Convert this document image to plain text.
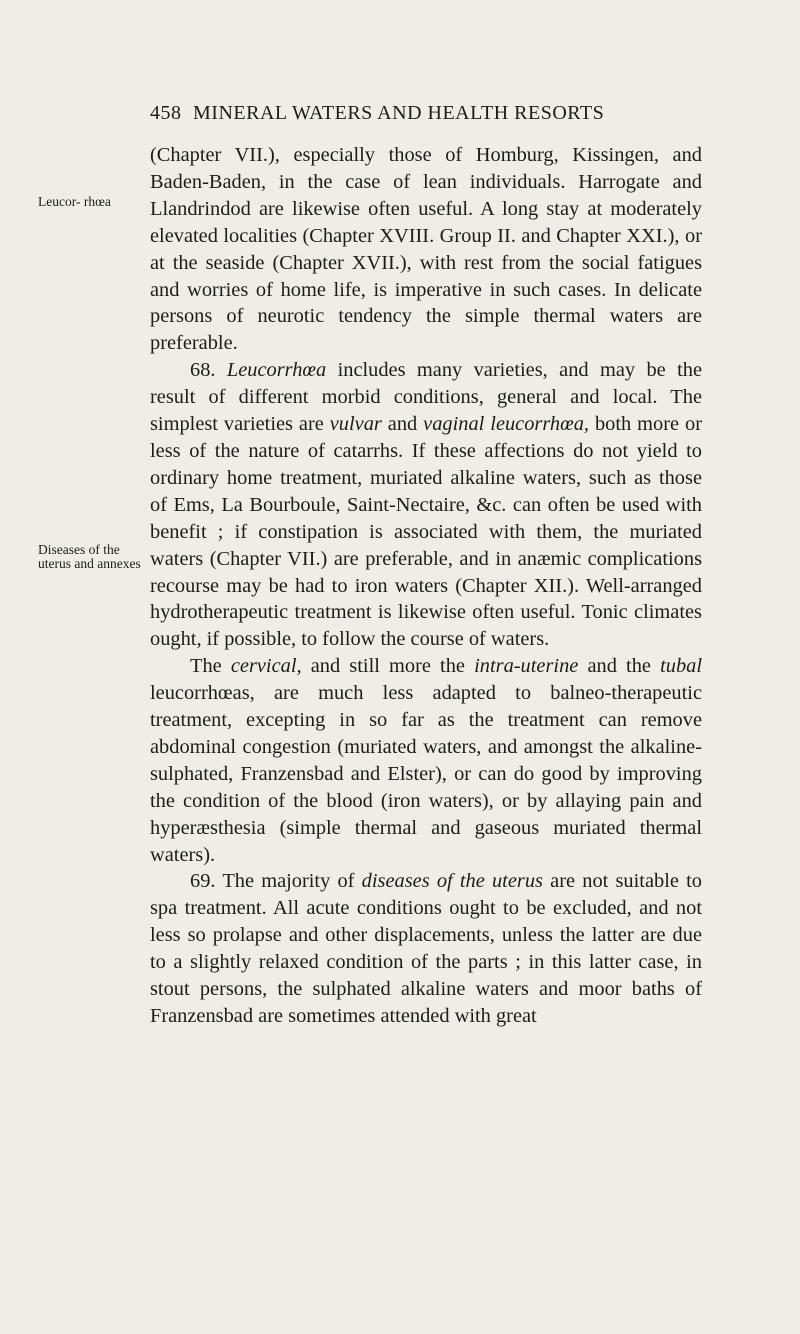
458 MINERAL WATERS AND HEALTH RESORTS
Leucor- rhœa
Diseases of the uterus and annexes

(Chapter VII.), especially those of Homburg, Kissingen, and Baden-Baden, in the case of lean individuals. Harrogate and Llandrindod are likewise often useful. A long stay at moderately elevated localities (Chapter XVIII. Group II. and Chapter XXI.), or at the seaside (Chapter XVII.), with rest from the social fatigues and worries of home life, is imperative in such cases. In delicate persons of neurotic tendency the simple thermal waters are preferable.

68. Leucorrhœa includes many varieties, and may be the result of different morbid conditions, general and local. The simplest varieties are vulvar and vaginal leucorrhœa, both more or less of the nature of catarrhs. If these affections do not yield to ordinary home treatment, muriated alkaline waters, such as those of Ems, La Bourboule, Saint-Nectaire, &c. can often be used with benefit ; if constipation is associated with them, the muriated waters (Chapter VII.) are preferable, and in anæmic complications recourse may be had to iron waters (Chapter XII.). Well-arranged hydrotherapeutic treatment is likewise often useful. Tonic climates ought, if possible, to follow the course of waters.

The cervical, and still more the intra-uterine and the tubal leucorrhœas, are much less adapted to balneo-therapeutic treatment, excepting in so far as the treatment can remove abdominal congestion (muriated waters, and amongst the alkaline-sulphated, Franzensbad and Elster), or can do good by improving the condition of the blood (iron waters), or by allaying pain and hyperæsthesia (simple thermal and gaseous muriated thermal waters).

69. The majority of diseases of the uterus are not suitable to spa treatment. All acute conditions ought to be excluded, and not less so prolapse and other displacements, unless the latter are due to a slightly relaxed condition of the parts ; in this latter case, in stout persons, the sulphated alkaline waters and moor baths of Franzensbad are sometimes attended with great
